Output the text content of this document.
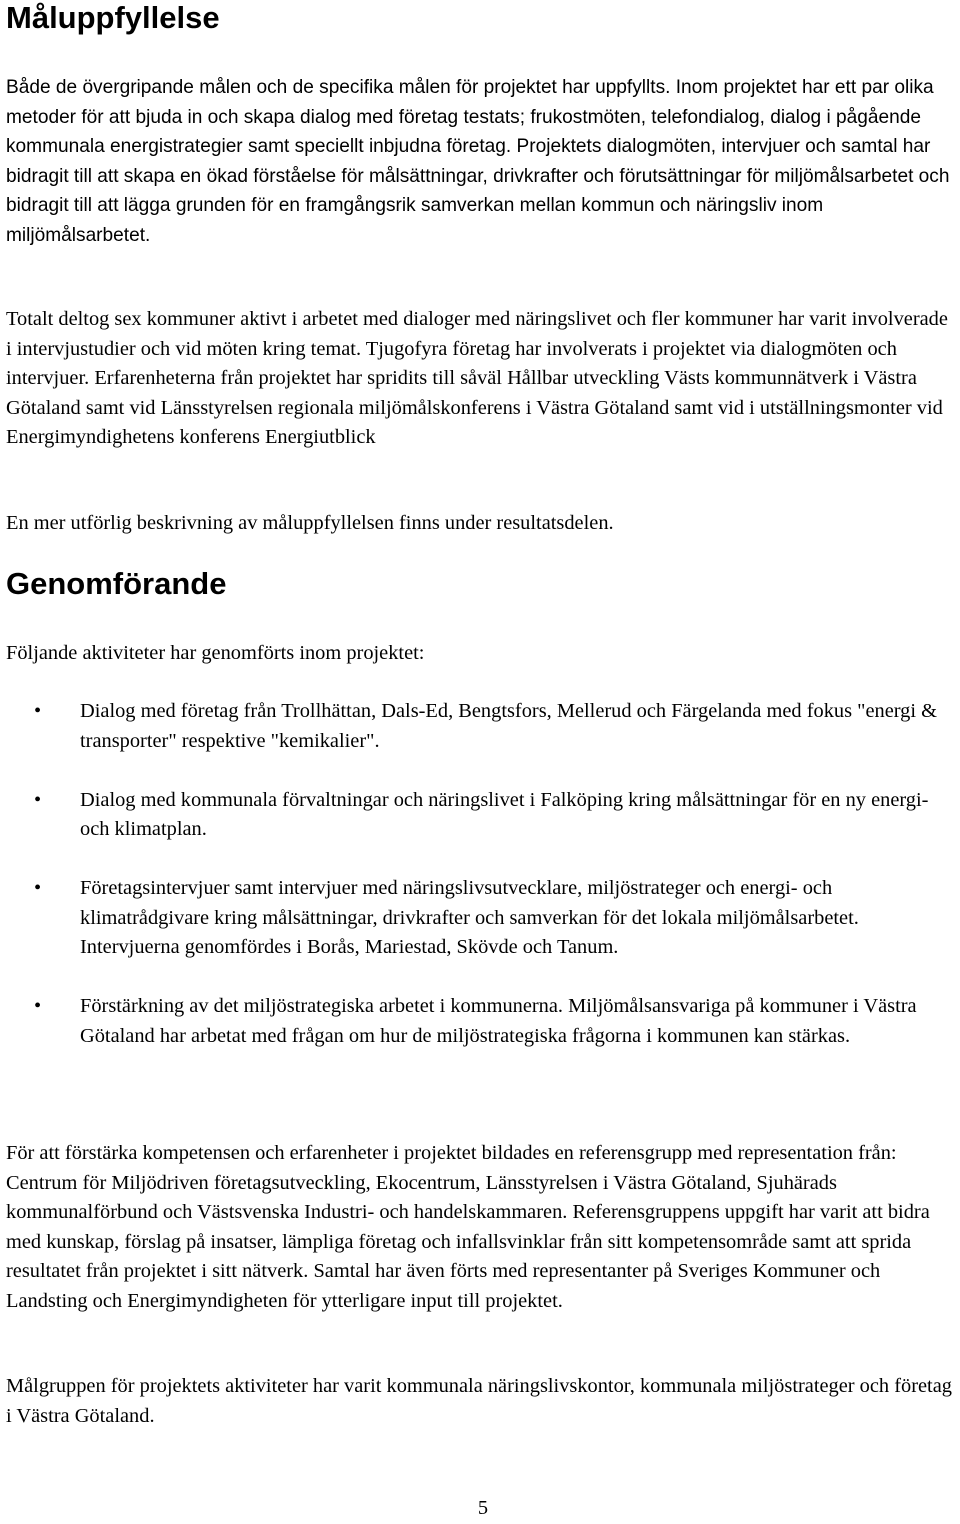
Måluppfyllelse

Både de övergripande målen och de specifika målen för projektet har uppfyllts. Inom projektet har ett par olika metoder för att bjuda in och skapa dialog med företag testats; frukostmöten, telefondialog, dialog i pågående kommunala energistrategier samt speciellt inbjudna företag. Projektets dialogmöten, intervjuer och samtal har bidragit till att skapa en ökad förståelse för målsättningar, drivkrafter och förutsättningar för miljömålsarbetet och bidragit till att lägga grunden för en framgångsrik samverkan mellan kommun och näringsliv inom miljömålsarbetet.

Totalt deltog sex kommuner aktivt i arbetet med dialoger med näringslivet och fler kommuner har varit involverade i intervjustudier och vid möten kring temat. Tjugofyra företag har involverats i projektet via dialogmöten och intervjuer. Erfarenheterna från projektet har spridits till såväl Hållbar utveckling Västs kommunnätverk i Västra Götaland samt vid Länsstyrelsen regionala miljömålskonferens i Västra Götaland samt vid i utställningsmonter vid Energimyndighetens konferens Energiutblick

En mer utförlig beskrivning av måluppfyllelsen finns under resultatsdelen.

Genomförande

Följande aktiviteter har genomförts inom projektet:

• Dialog med företag från Trollhättan, Dals-Ed, Bengtsfors, Mellerud och Färgelanda med fokus "energi & transporter" respektive "kemikalier".
• Dialog med kommunala förvaltningar och näringslivet i Falköping kring målsättningar för en ny energi- och klimatplan.
• Företagsintervjuer samt intervjuer med näringslivsutvecklare, miljöstrateger och energi- och klimatrådgivare kring målsättningar, drivkrafter och samverkan för det lokala miljömålsarbetet. Intervjuerna genomfördes i Borås, Mariestad, Skövde och Tanum.
• Förstärkning av det miljöstrategiska arbetet i kommunerna. Miljömålsansvariga på kommuner i Västra Götaland har arbetat med frågan om hur de miljöstrategiska frågorna i kommunen kan stärkas.

För att förstärka kompetensen och erfarenheter i projektet bildades en referensgrupp med representation från: Centrum för Miljödriven företagsutveckling, Ekocentrum, Länsstyrelsen i Västra Götaland, Sjuhärads kommunalförbund och Västsvenska Industri- och handelskammaren. Referensgruppens uppgift har varit att bidra med kunskap, förslag på insatser, lämpliga företag och infallsvinklar från sitt kompetensområde samt att sprida resultatet från projektet i sitt nätverk. Samtal har även förts med representanter på Sveriges Kommuner och Landsting och Energimyndigheten för ytterligare input till projektet.

Målgruppen för projektets aktiviteter har varit kommunala näringslivskontor, kommunala miljöstrateger och företag i Västra Götaland.

5
